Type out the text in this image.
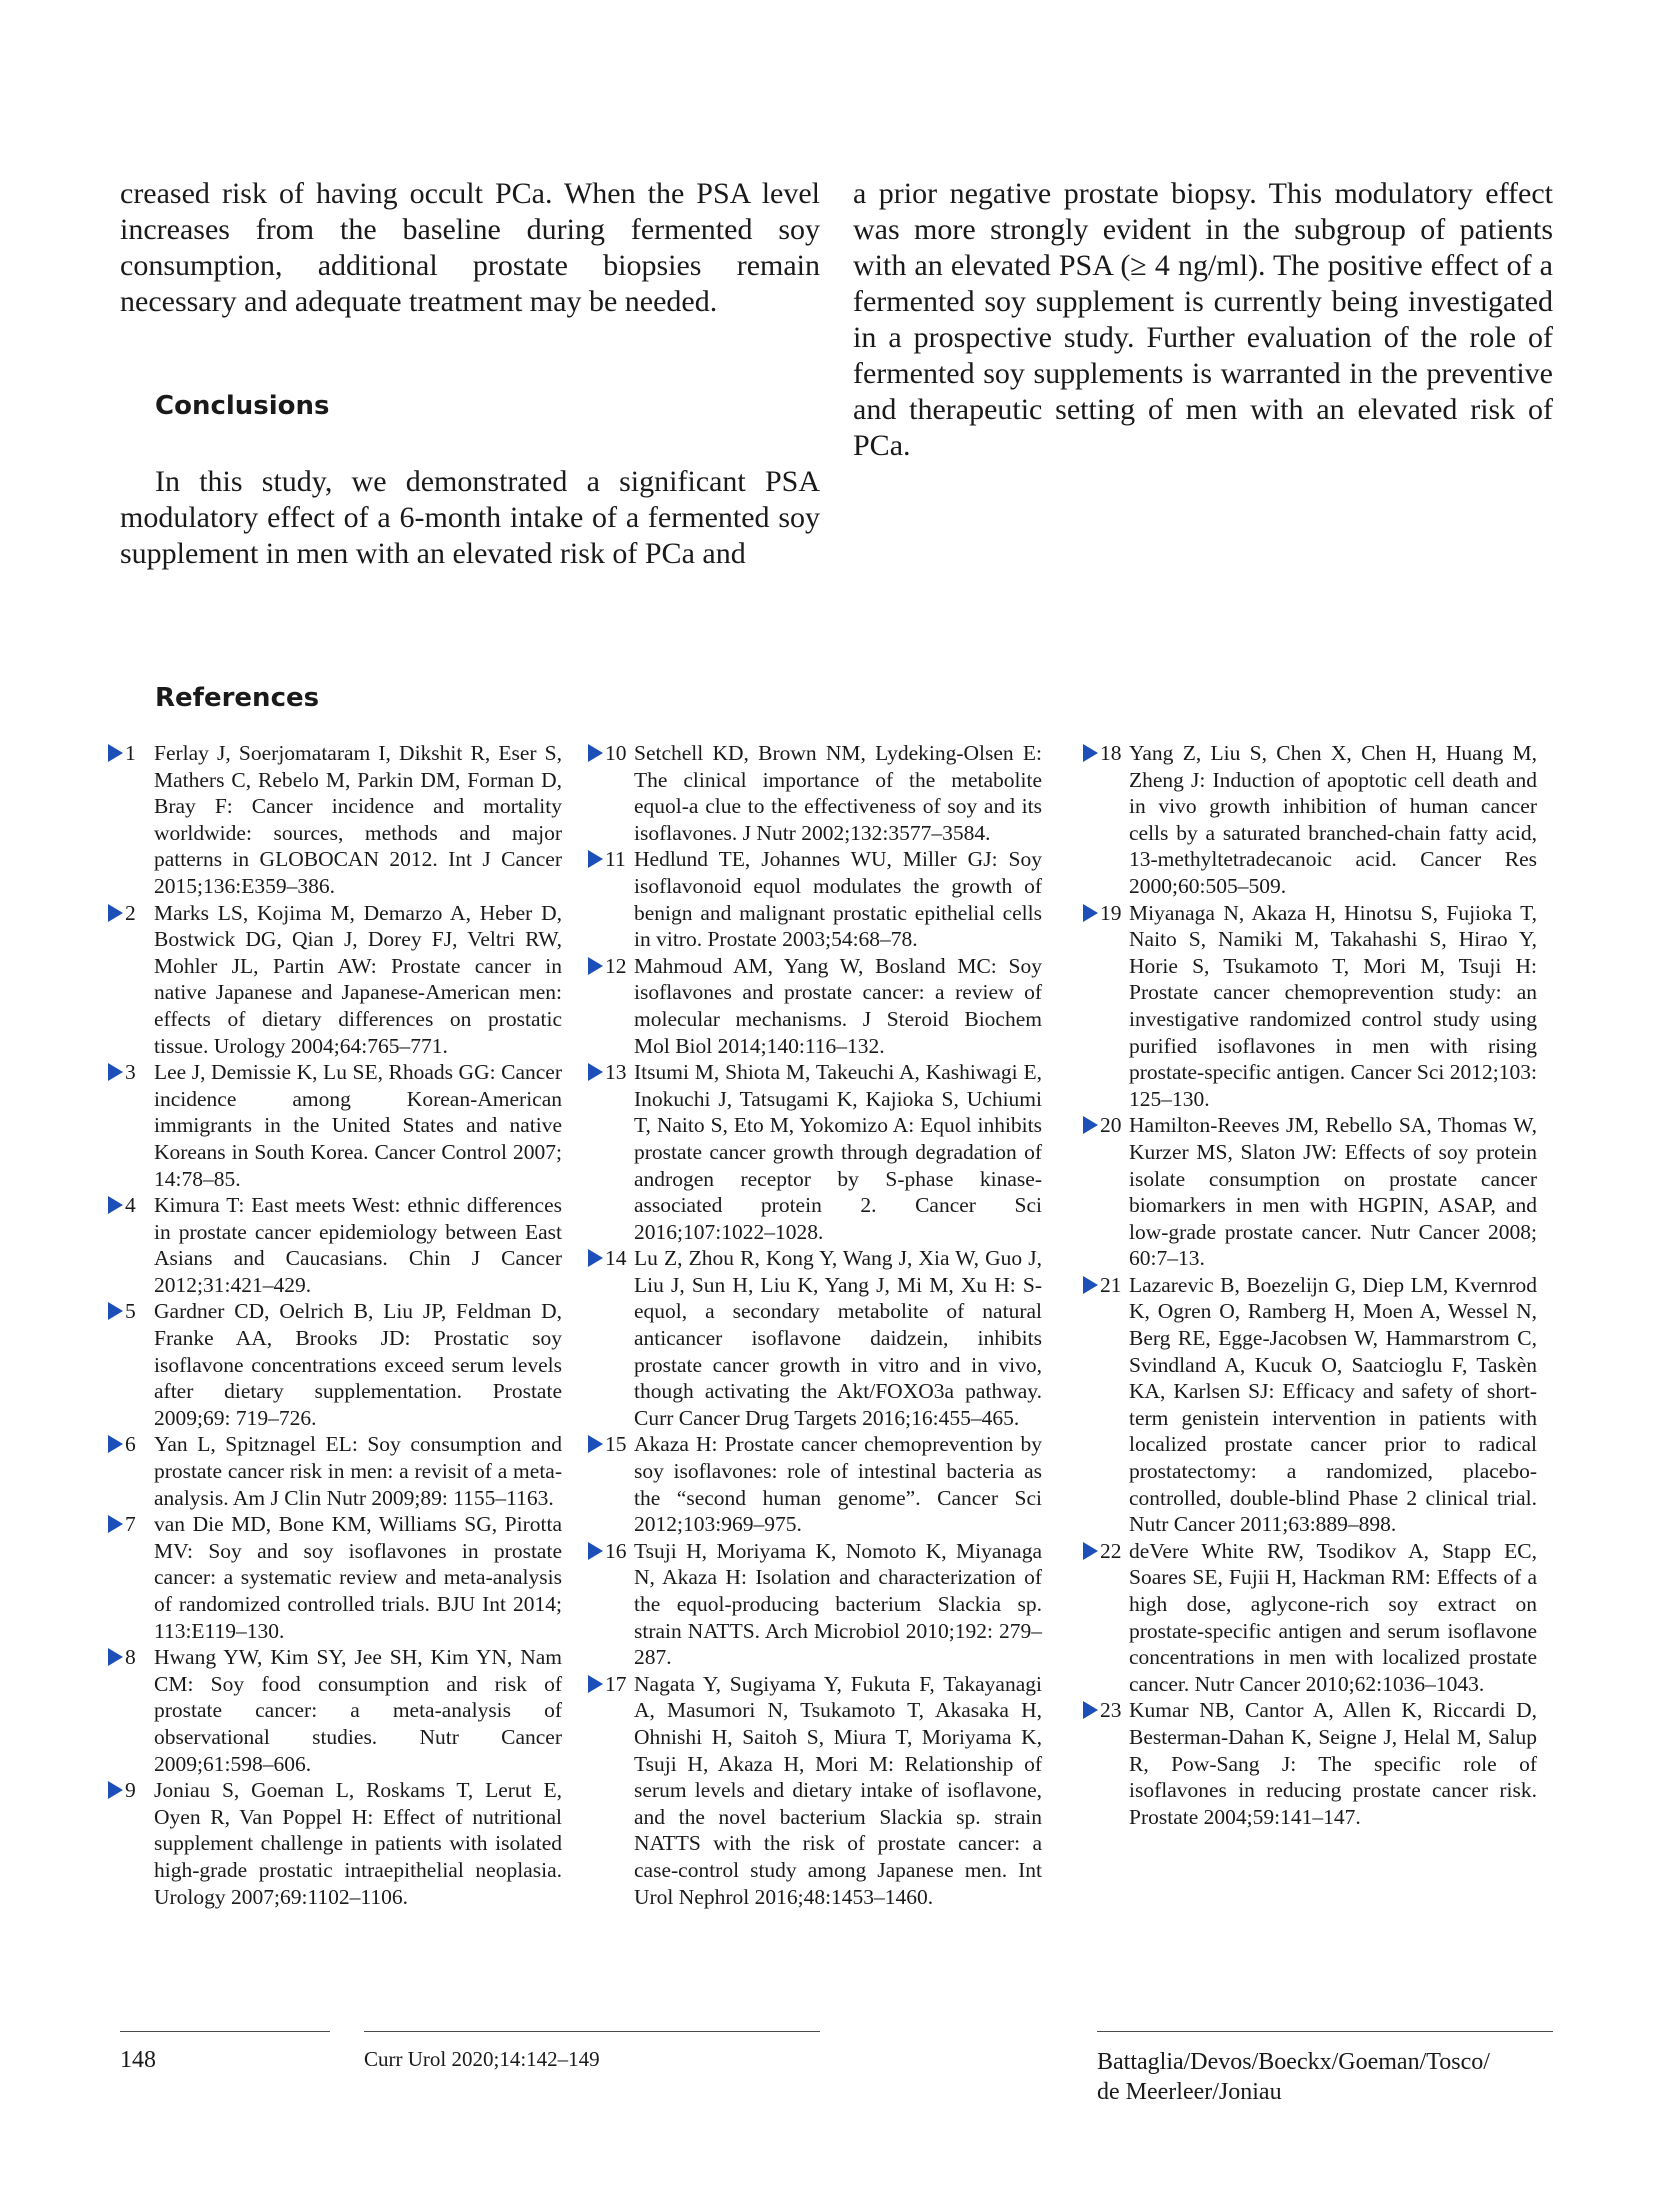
creased risk of having occult PCa. When the PSA level increases from the baseline during fermented soy consumption, additional prostate biopsies remain necessary and adequate treatment may be needed.

a prior negative prostate biopsy. This modulatory effect was more strongly evident in the subgroup of patients with an elevated PSA (≥ 4 ng/ml). The positive effect of a fermented soy supplement is currently being investigated in a prospective study. Further evaluation of the role of fermented soy supplements is warranted in the preventive and therapeutic setting of men with an elevated risk of PCa.

Conclusions

In this study, we demonstrated a significant PSA modulatory effect of a 6-month intake of a fermented soy supplement in men with an elevated risk of PCa and

References

1 Ferlay J, Soerjomataram I, Dikshit R, Eser S, Mathers C, Rebelo M, Parkin DM, Forman D, Bray F: Cancer incidence and mortality worldwide: sources, methods and major patterns in GLOBOCAN 2012. Int J Cancer 2015;136:E359–386.

2 Marks LS, Kojima M, Demarzo A, Heber D, Bostwick DG, Qian J, Dorey FJ, Veltri RW, Mohler JL, Partin AW: Prostate cancer in native Japanese and Japanese-American men: effects of dietary differences on prostatic tissue. Urology 2004;64:765–771.

3 Lee J, Demissie K, Lu SE, Rhoads GG: Cancer incidence among Korean-American immigrants in the United States and native Koreans in South Korea. Cancer Control 2007; 14:78–85.

4 Kimura T: East meets West: ethnic differences in prostate cancer epidemiology between East Asians and Caucasians. Chin J Cancer 2012;31:421–429.

5 Gardner CD, Oelrich B, Liu JP, Feldman D, Franke AA, Brooks JD: Prostatic soy isoflavone concentrations exceed serum levels after dietary supplementation. Prostate 2009;69: 719–726.

6 Yan L, Spitznagel EL: Soy consumption and prostate cancer risk in men: a revisit of a meta-analysis. Am J Clin Nutr 2009;89: 1155–1163.

7 van Die MD, Bone KM, Williams SG, Pirotta MV: Soy and soy isoflavones in prostate cancer: a systematic review and meta-analysis of randomized controlled trials. BJU Int 2014; 113:E119–130.

8 Hwang YW, Kim SY, Jee SH, Kim YN, Nam CM: Soy food consumption and risk of prostate cancer: a meta-analysis of observational studies. Nutr Cancer 2009;61:598–606.

9 Joniau S, Goeman L, Roskams T, Lerut E, Oyen R, Van Poppel H: Effect of nutritional supplement challenge in patients with isolated high-grade prostatic intraepithelial neoplasia. Urology 2007;69:1102–1106.

10 Setchell KD, Brown NM, Lydeking-Olsen E: The clinical importance of the metabolite equol-a clue to the effectiveness of soy and its isoflavones. J Nutr 2002;132:3577–3584.

11 Hedlund TE, Johannes WU, Miller GJ: Soy isoflavonoid equol modulates the growth of benign and malignant prostatic epithelial cells in vitro. Prostate 2003;54:68–78.

12 Mahmoud AM, Yang W, Bosland MC: Soy isoflavones and prostate cancer: a review of molecular mechanisms. J Steroid Biochem Mol Biol 2014;140:116–132.

13 Itsumi M, Shiota M, Takeuchi A, Kashiwagi E, Inokuchi J, Tatsugami K, Kajioka S, Uchiumi T, Naito S, Eto M, Yokomizo A: Equol inhibits prostate cancer growth through degradation of androgen receptor by S-phase kinase-associated protein 2. Cancer Sci 2016;107:1022–1028.

14 Lu Z, Zhou R, Kong Y, Wang J, Xia W, Guo J, Liu J, Sun H, Liu K, Yang J, Mi M, Xu H: S-equol, a secondary metabolite of natural anticancer isoflavone daidzein, inhibits prostate cancer growth in vitro and in vivo, though activating the Akt/FOXO3a pathway. Curr Cancer Drug Targets 2016;16:455–465.

15 Akaza H: Prostate cancer chemoprevention by soy isoflavones: role of intestinal bacteria as the “second human genome”. Cancer Sci 2012;103:969–975.

16 Tsuji H, Moriyama K, Nomoto K, Miyanaga N, Akaza H: Isolation and characterization of the equol-producing bacterium Slackia sp. strain NATTS. Arch Microbiol 2010;192: 279–287.

17 Nagata Y, Sugiyama Y, Fukuta F, Takayanagi A, Masumori N, Tsukamoto T, Akasaka H, Ohnishi H, Saitoh S, Miura T, Moriyama K, Tsuji H, Akaza H, Mori M: Relationship of serum levels and dietary intake of isoflavone, and the novel bacterium Slackia sp. strain NATTS with the risk of prostate cancer: a case-control study among Japanese men. Int Urol Nephrol 2016;48:1453–1460.

18 Yang Z, Liu S, Chen X, Chen H, Huang M, Zheng J: Induction of apoptotic cell death and in vivo growth inhibition of human cancer cells by a saturated branched-chain fatty acid, 13-methyltetradecanoic acid. Cancer Res 2000;60:505–509.

19 Miyanaga N, Akaza H, Hinotsu S, Fujioka T, Naito S, Namiki M, Takahashi S, Hirao Y, Horie S, Tsukamoto T, Mori M, Tsuji H: Prostate cancer chemoprevention study: an investigative randomized control study using purified isoflavones in men with rising prostate-specific antigen. Cancer Sci 2012;103: 125–130.

20 Hamilton-Reeves JM, Rebello SA, Thomas W, Kurzer MS, Slaton JW: Effects of soy protein isolate consumption on prostate cancer biomarkers in men with HGPIN, ASAP, and low-grade prostate cancer. Nutr Cancer 2008; 60:7–13.

21 Lazarevic B, Boezelijn G, Diep LM, Kvernrod K, Ogren O, Ramberg H, Moen A, Wessel N, Berg RE, Egge-Jacobsen W, Hammarstrom C, Svindland A, Kucuk O, Saatcioglu F, Taskèn KA, Karlsen SJ: Efficacy and safety of short-term genistein intervention in patients with localized prostate cancer prior to radical prostatectomy: a randomized, placebo-controlled, double-blind Phase 2 clinical trial. Nutr Cancer 2011;63:889–898.

22 deVere White RW, Tsodikov A, Stapp EC, Soares SE, Fujii H, Hackman RM: Effects of a high dose, aglycone-rich soy extract on prostate-specific antigen and serum isoflavone concentrations in men with localized prostate cancer. Nutr Cancer 2010;62:1036–1043.

23 Kumar NB, Cantor A, Allen K, Riccardi D, Besterman-Dahan K, Seigne J, Helal M, Salup R, Pow-Sang J: The specific role of isoflavones in reducing prostate cancer risk. Prostate 2004;59:141–147.

148	Curr Urol 2020;14:142–149	Battaglia/Devos/Boeckx/Goeman/Tosco/
de Meerleer/Joniau
